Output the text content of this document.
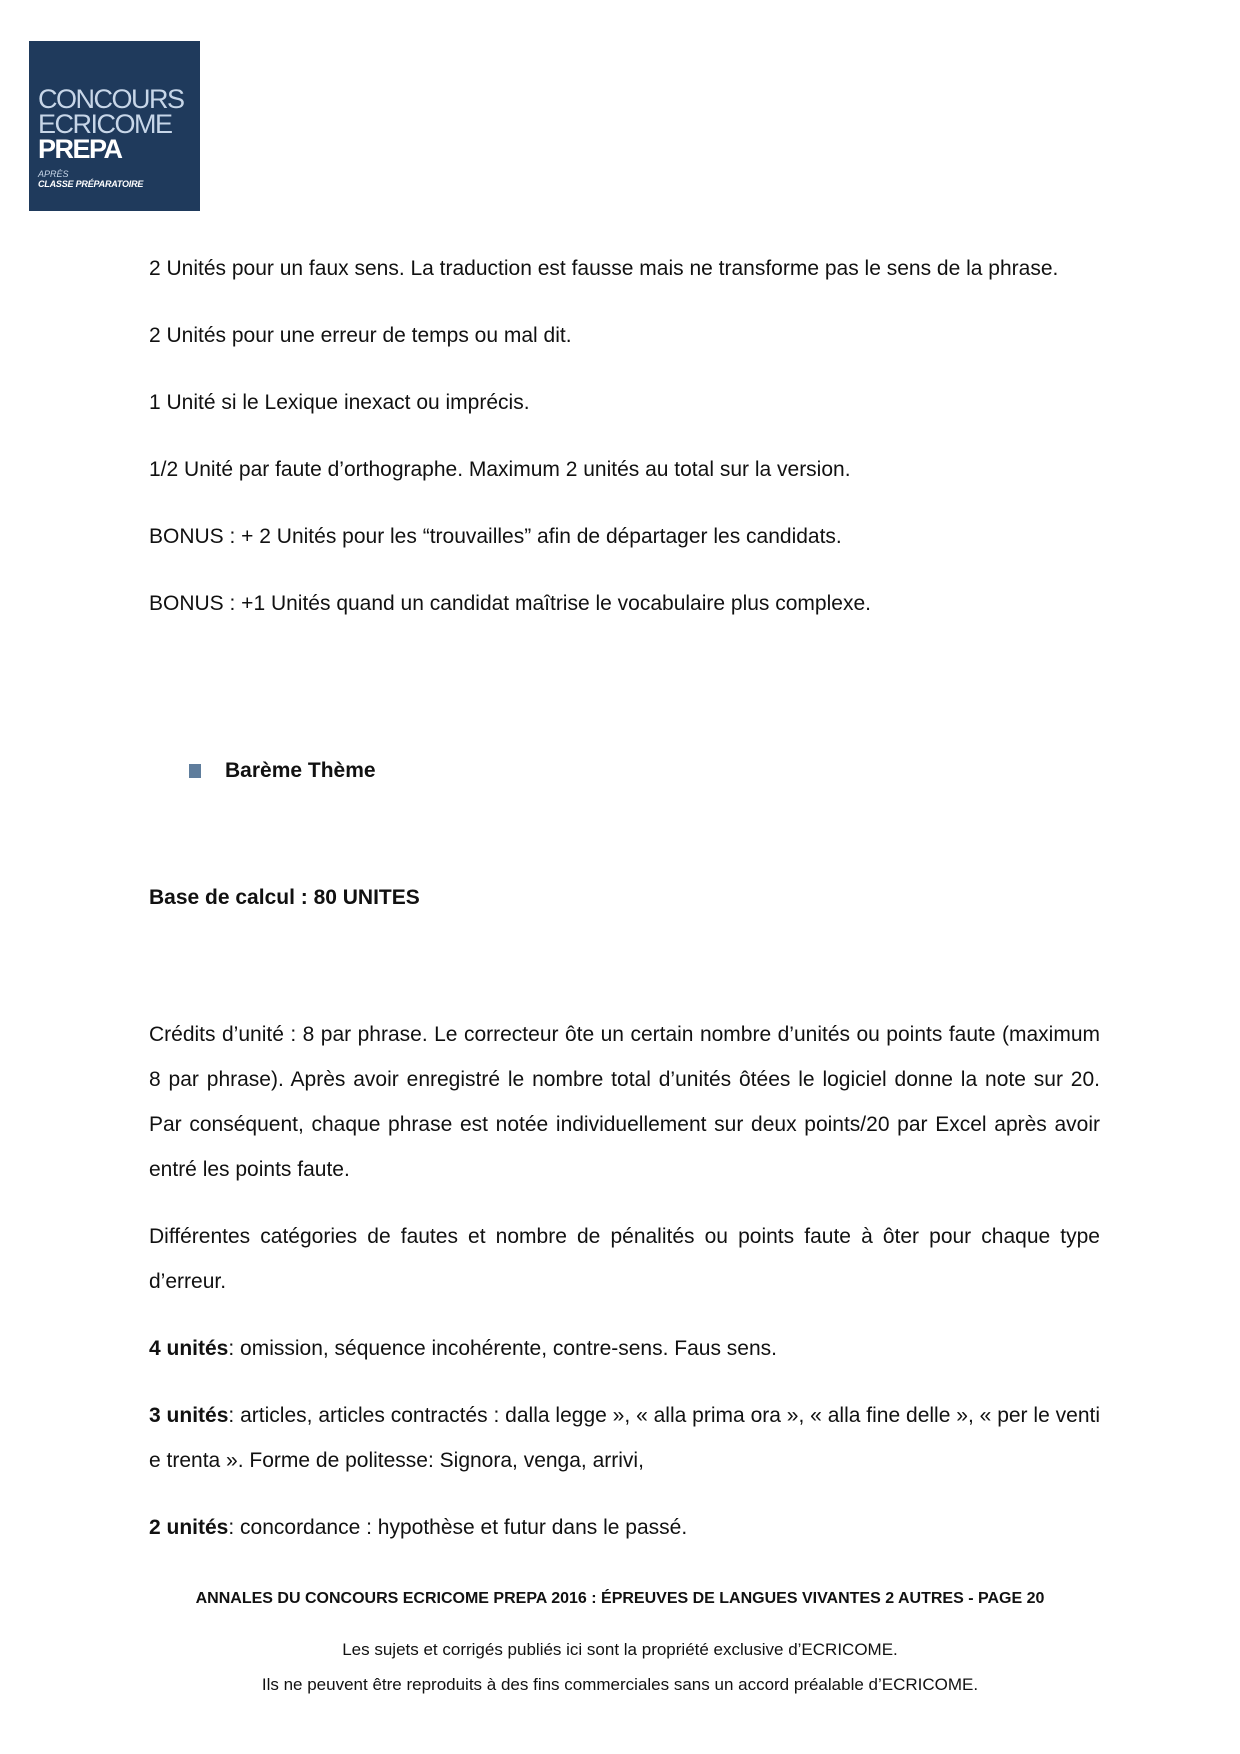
CONCOURS
ECRICOME
PREPA
APRÈS
CLASSE PRÉPARATOIRE

2 Unités pour un faux sens. La traduction est fausse mais ne transforme pas le sens de la phrase.

2 Unités pour une erreur de temps ou mal dit.

1 Unité si le Lexique inexact ou imprécis.

1/2 Unité par faute d’orthographe. Maximum 2 unités au total sur la version.

BONUS : + 2 Unités pour les “trouvailles” afin de départager les candidats.

BONUS : +1 Unités quand un candidat maîtrise le vocabulaire plus complexe.

Barème Thème
Base de calcul : 80 UNITES

Crédits d’unité : 8 par phrase. Le correcteur ôte un certain nombre d’unités ou points faute (maximum 8 par phrase). Après avoir enregistré le nombre total d’unités ôtées le logiciel donne la note sur 20. Par conséquent, chaque phrase est notée individuellement sur deux points/20 par Excel après avoir entré les points faute.

Différentes catégories de fautes et nombre de pénalités ou points faute à ôter pour chaque type d’erreur.

4 unités: omission, séquence incohérente, contre-sens. Faus sens.

3 unités: articles, articles contractés : dalla legge », « alla prima ora », « alla fine delle », « per le venti e trenta ». Forme de politesse: Signora, venga, arrivi,

2 unités: concordance : hypothèse et futur dans le passé.

ANNALES DU CONCOURS ECRICOME PREPA 2016 : ÉPREUVES DE LANGUES VIVANTES 2 AUTRES - PAGE 20
Les sujets et corrigés publiés ici sont la propriété exclusive d’ECRICOME.
Ils ne peuvent être reproduits à des fins commerciales sans un accord préalable d’ECRICOME.
